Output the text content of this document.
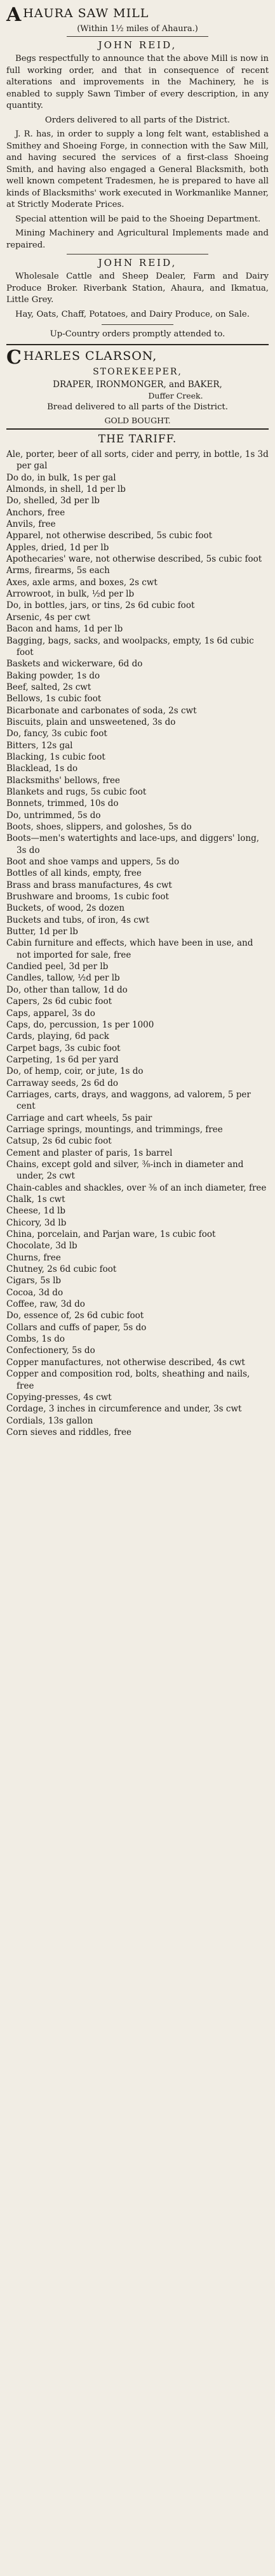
A HAURA SAW MILL
(Within 1½ miles of Ahaura.)
JOHN REID,

Begs respectfully to announce that the above Mill is now in full working order, and that in consequence of recent alterations and improvements in the Machinery, he is enabled to supply Sawn Timber of every description, in any quantity.

Orders delivered to all parts of the District.

J. R. has, in order to supply a long felt want, established a Smithey and Shoeing Forge, in connection with the Saw Mill, and having secured the services of a first-class Shoeing Smith, and having also engaged a General Blacksmith, both well known competent Tradesmen, he is prepared to have all kinds of Blacksmiths' work executed in Workmanlike Manner, at Strictly Moderate Prices.

Special attention will be paid to the Shoeing Department.

Mining Machinery and Agricultural Implements made and repaired.

JOHN REID,

Wholesale Cattle and Sheep Dealer, Farm and Dairy Produce Broker. Riverbank Station, Ahaura, and Ikmatua, Little Grey.

Hay, Oats, Chaff, Potatoes, and Dairy Produce, on Sale.

Up-Country orders promptly attended to.

C HARLES CLARSON,
STOREKEEPER,
DRAPER, IRONMONGER, and BAKER,
Duffer Creek.

Bread delivered to all parts of the District.

GOLD BOUGHT.
THE TARIFF.
Ale, porter, beer of all sorts, cider and perry, in bottle, 1s 3d per gal
Do do, in bulk, 1s per gal
Almonds, in shell, 1d per lb
Do, shelled, 3d per lb
Anchors, free
Anvils, free
Apparel, not otherwise described, 5s cubic foot
Apples, dried, 1d per lb
Apothecaries' ware, not otherwise described, 5s cubic foot
Arms, firearms, 5s each
Axes, axle arms, and boxes, 2s cwt
Arrowroot, in bulk, ½d per lb
Do, in bottles, jars, or tins, 2s 6d cubic foot
Arsenic, 4s per cwt
Bacon and hams, 1d per lb
Bagging, bags, sacks, and woolpacks, empty, 1s 6d cubic foot
Baskets and wickerware, 6d do
Baking powder, 1s do
Beef, salted, 2s cwt
Bellows, 1s cubic foot
Bicarbonate and carbonates of soda, 2s cwt
Biscuits, plain and unsweetened, 3s do
Do, fancy, 3s cubic foot
Bitters, 12s gal
Blacking, 1s cubic foot
Blacklead, 1s do
Blacksmiths' bellows, free
Blankets and rugs, 5s cubic foot
Bonnets, trimmed, 10s do
Do, untrimmed, 5s do
Boots, shoes, slippers, and goloshes, 5s do
Boots—men's watertights and lace-ups, and diggers' long, 3s do
Boot and shoe vamps and uppers, 5s do
Bottles of all kinds, empty, free
Brass and brass manufactures, 4s cwt
Brushware and brooms, 1s cubic foot
Buckets, of wood, 2s dozen
Buckets and tubs, of iron, 4s cwt
Butter, 1d per lb
Cabin furniture and effects, which have been in use, and not imported for sale, free
Candied peel, 3d per lb
Candles, tallow, ½d per lb
Do, other than tallow, 1d do
Capers, 2s 6d cubic foot
Caps, apparel, 3s do
Caps, do, percussion, 1s per 1000
Cards, playing, 6d pack
Carpet bags, 3s cubic foot
Carpeting, 1s 6d per yard
Do, of hemp, coir, or jute, 1s do
Carraway seeds, 2s 6d do
Carriages, carts, drays, and waggons, ad valorem, 5 per cent
Carriage and cart wheels, 5s pair
Carriage springs, mountings, and trimmings, free
Catsup, 2s 6d cubic foot
Cement and plaster of paris, 1s barrel
Chains, except gold and silver, ⅜-inch in diameter and under, 2s cwt
Chain-cables and shackles, over ⅜ of an inch diameter, free
Chalk, 1s cwt
Cheese, 1d lb
Chicory, 3d lb
China, porcelain, and Parjan ware, 1s cubic foot
Chocolate, 3d lb
Churns, free
Chutney, 2s 6d cubic foot
Cigars, 5s lb
Cocoa, 3d do
Coffee, raw, 3d do
Do, essence of, 2s 6d cubic foot
Collars and cuffs of paper, 5s do
Combs, 1s do
Confectionery, 5s do
Copper manufactures, not otherwise described, 4s cwt
Copper and composition rod, bolts, sheathing and nails, free
Copying-presses, 4s cwt
Cordage, 3 inches in circumference and under, 3s cwt
Cordials, 13s gallon
Corn sieves and riddles, free
